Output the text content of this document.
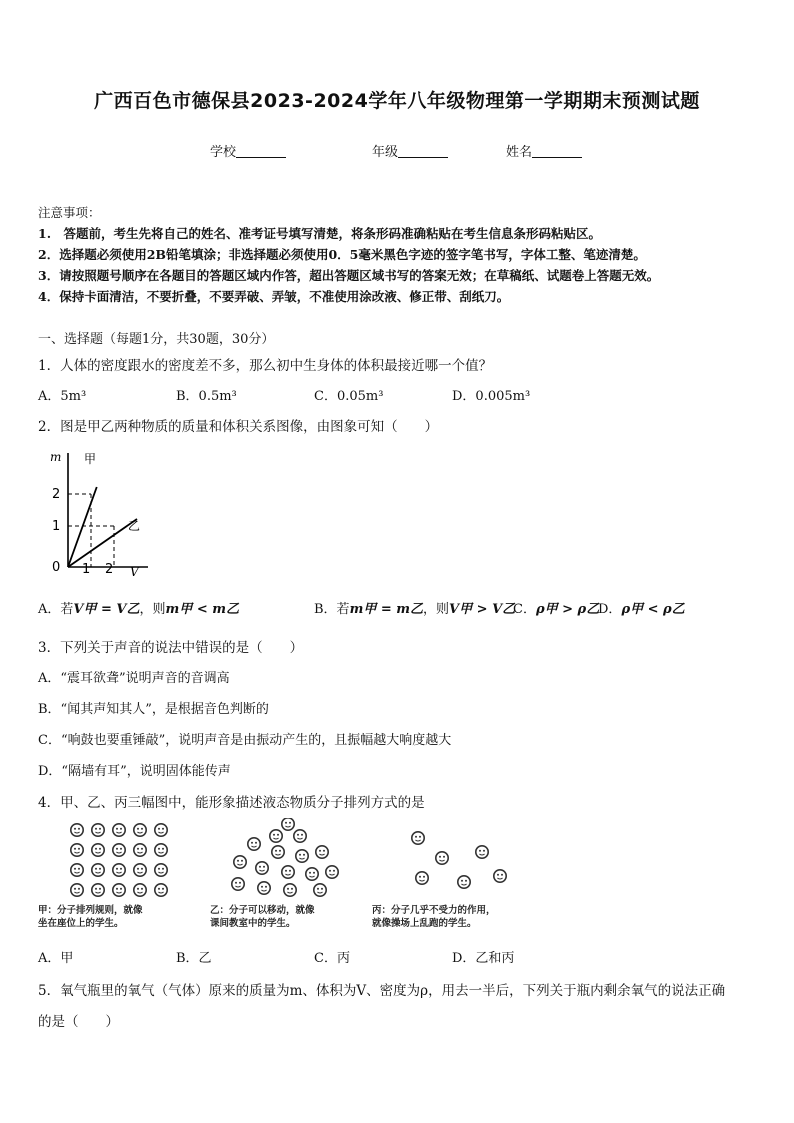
广西百色市德保县2023-2024学年八年级物理第一学期期末预测试题
学校	年级	姓名
注意事项：
1.　答题前，考生先将自己的姓名、准考证号填写清楚，将条形码准确粘贴在考生信息条形码粘贴区。
2．选择题必须使用2B铅笔填涂；非选择题必须使用0．5毫米黑色字迹的签字笔书写，字体工整、笔迹清楚。
3．请按照题号顺序在各题目的答题区域内作答，超出答题区域书写的答案无效；在草稿纸、试题卷上答题无效。
4．保持卡面清洁，不要折叠，不要弄破、弄皱，不准使用涂改液、修正带、刮纸刀。
一、选择题（每题1分，共30题，30分）
1．人体的密度跟水的密度差不多，那么初中生身体的体积最接近哪一个值？
A．5m³	B．0.5m³	C．0.05m³	D．0.005m³
2．图是甲乙两种物质的质量和体积关系图像，由图象可知（　　）
m
V
甲
乙
2
1
0 1 2
A．若V甲 = V乙，则m甲 < m乙	B．若m甲 = m乙，则V甲 > V乙
C．ρ甲 > ρ乙
D．ρ甲 < ρ乙
3．下列关于声音的说法中错误的是（　　）
A．“震耳欲聋”说明声音的音调高
B．“闻其声知其人”，是根据音色判断的
C．“响鼓也要重锤敲”，说明声音是由振动产生的，且振幅越大响度越大
D．“隔墙有耳”，说明固体能传声
4．甲、乙、丙三幅图中，能形象描述液态物质分子排列方式的是
甲：分子排列规则，就像
坐在座位上的学生。
乙：分子可以移动，就像
课间教室中的学生。
丙：分子几乎不受力的作用，
就像操场上乱跑的学生。
A．甲	B．乙	C．丙	D．乙和丙
5．氧气瓶里的氧气（气体）原来的质量为m、体积为V、密度为ρ，用去一半后，下列关于瓶内剩余氧气的说法正确
的是（　　）
